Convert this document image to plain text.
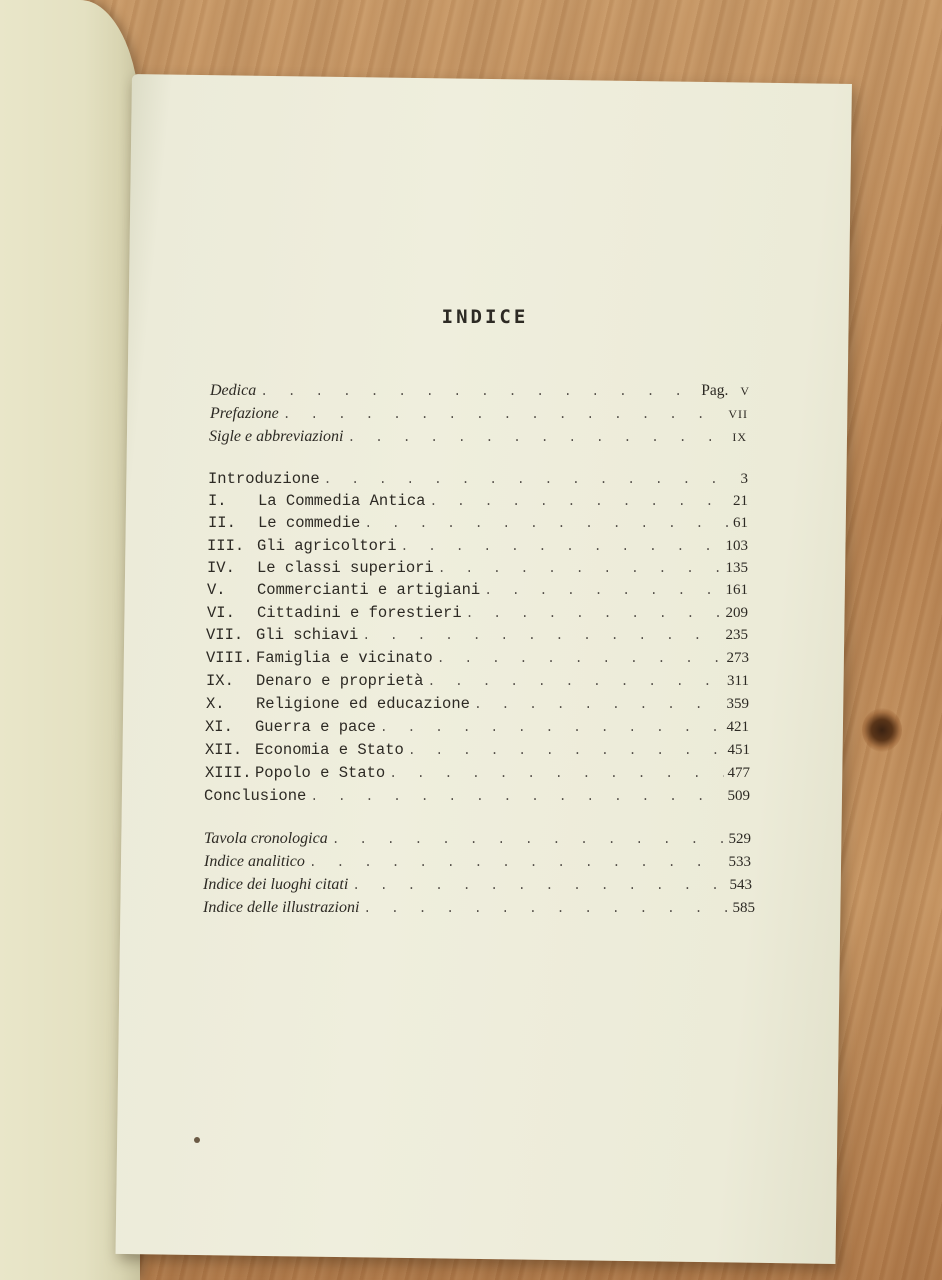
INDICE
Dedica . . .	Pag. V
Prefazione . . .	VII
Sigle e abbreviazioni . . .	IX
Introduzione . . .	3
I.	La Commedia Antica . . .	21
II.	Le commedie . . .	61
III. Gli agricoltori . . .	103
IV.	Le classi superiori . . .	135
V.	Commercianti e artigiani . . .	161
VI.	Cittadini e forestieri . . .	209
VII. Gli schiavi . . .	235
VIII. Famiglia e vicinato . . .	273
IX.	Denaro e proprietà . . .	311
X.	Religione ed educazione . . .	359
XI.	Guerra e pace . . .	421
XII. Economia e Stato . . .	451
XIII. Popolo e Stato . . .	477
Conclusione . . .	509
Tavola cronologica . . .	529
Indice analitico . . .	533
Indice dei luoghi citati . . .	543
Indice delle illustrazioni . . .	585
